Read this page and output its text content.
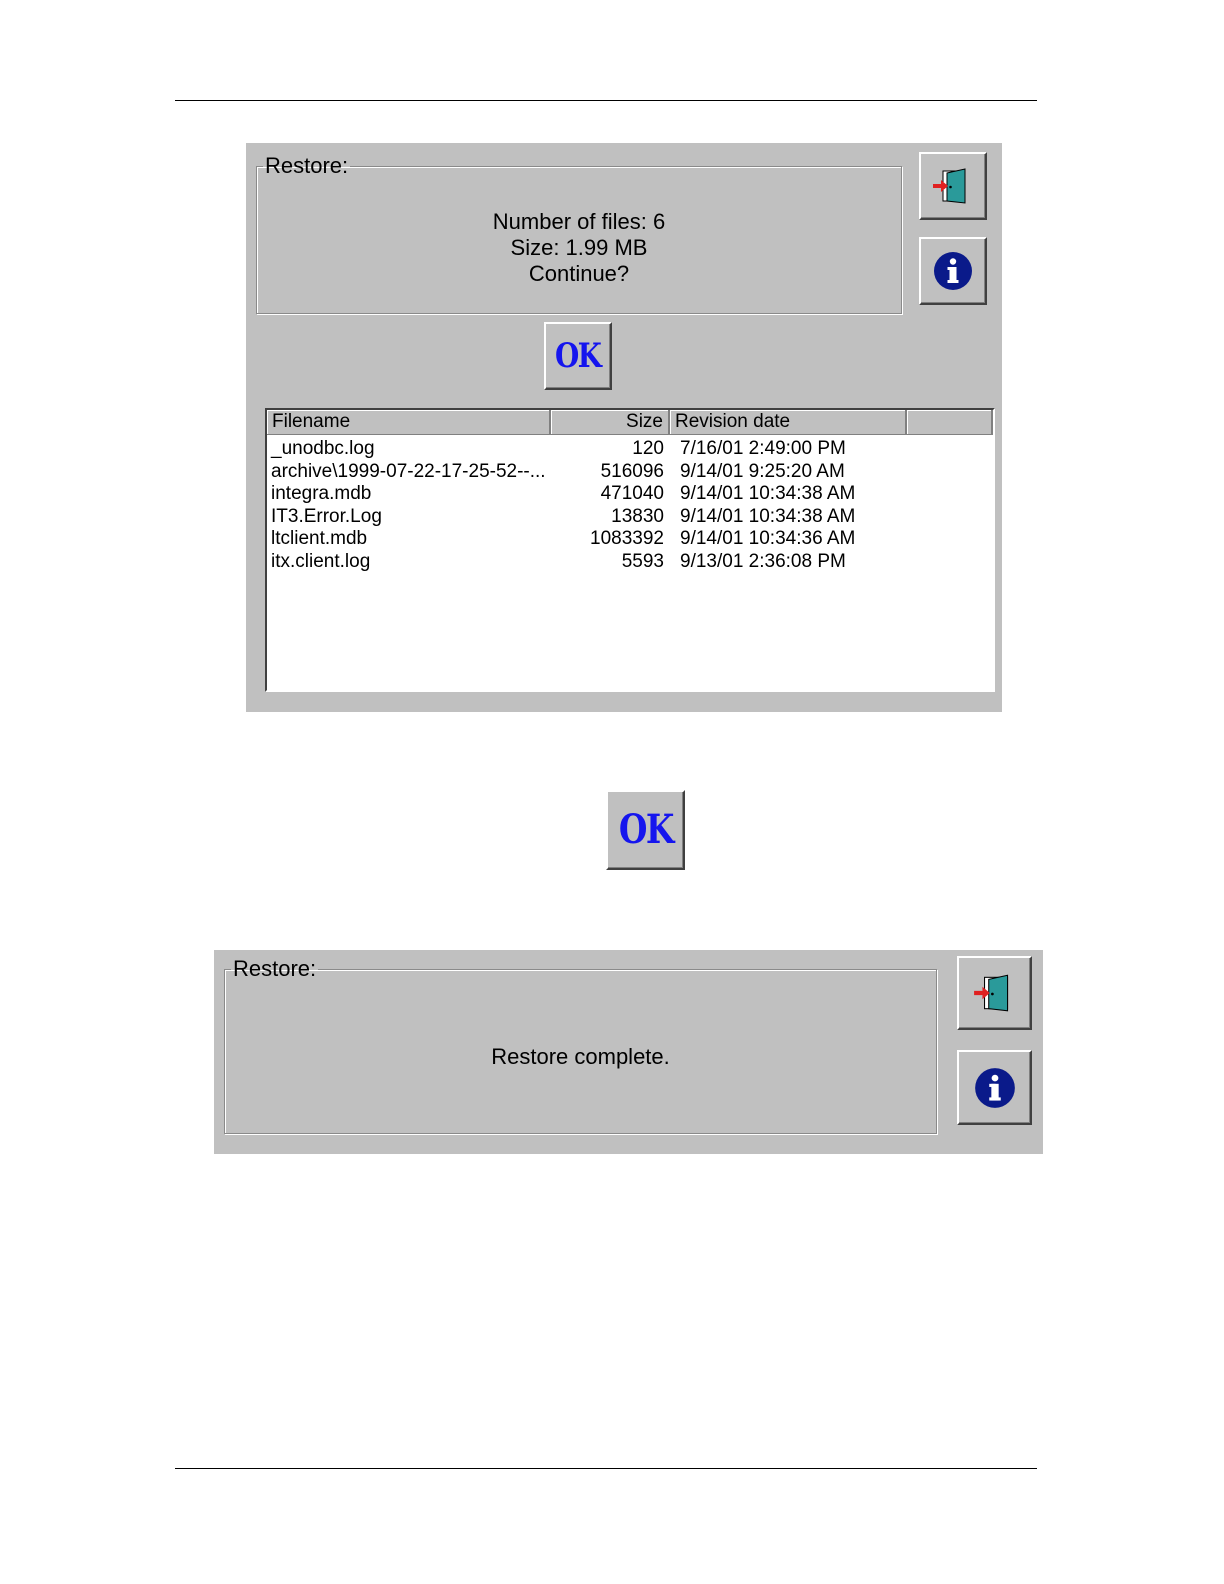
Restore:
Number of files: 6
Size: 1.99 MB
Continue?
OK
Filename	Size Revision date
_unodbc.log	120 7/16/01 2:49:00 PM
archive\1999-07-22-17-25-52--...	516096 9/14/01 9:25:20 AM
integra.mdb	471040 9/14/01 10:34:38 AM
IT3.Error.Log	13830 9/14/01 10:34:38 AM
ltclient.mdb	1083392 9/14/01 10:34:36 AM
itx.client.log	5593 9/13/01 2:36:08 PM
OK
Restore:
Restore complete.
